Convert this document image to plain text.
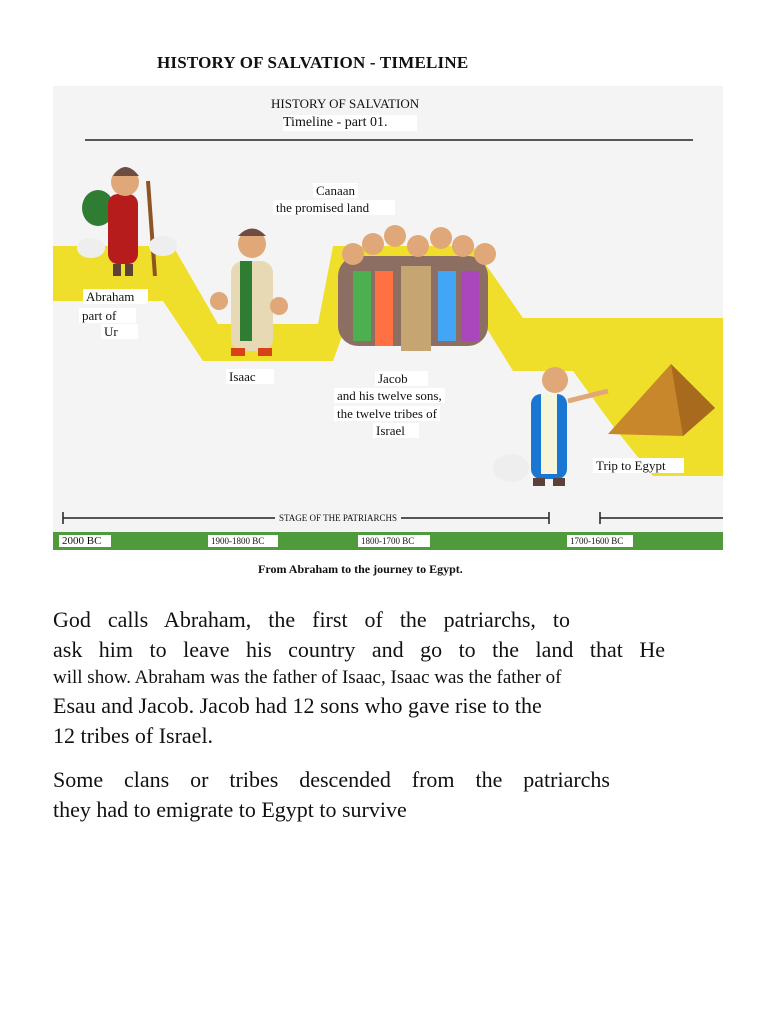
HISTORY OF SALVATION - TIMELINE
HISTORY OF SALVATION
Timeline - part 01.
Canaan
the promised land
Abraham
part of
Ur
Isaac	Jacob
and his twelve sons,
the twelve tribes of
Israel
Trip to Egypt
STAGE OF THE PATRIARCHS
2000 BC	1900-1800 BC	1800-1700 BC	1700-1600 BC
From Abraham to the journey to Egypt.
God calls Abraham, the first of the patriarchs, to
ask him to leave his country and go to the land that He
will show. Abraham was the father of Isaac, Isaac was the father of
Esau and Jacob. Jacob had 12 sons who gave rise to the
12 tribes of Israel.
Some clans or tribes descended from the patriarchs
they had to emigrate to Egypt to survive
